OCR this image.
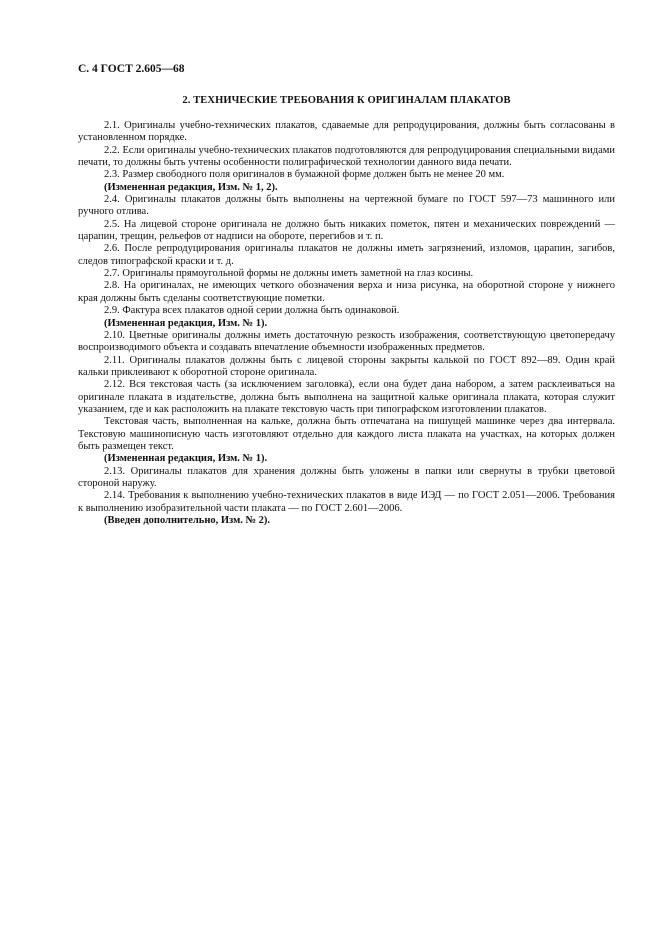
С. 4 ГОСТ 2.605—68
2. ТЕХНИЧЕСКИЕ ТРЕБОВАНИЯ К ОРИГИНАЛАМ ПЛАКАТОВ

2.1. Оригиналы учебно-технических плакатов, сдаваемые для репродуцирования, должны быть согласованы в установленном порядке.

2.2. Если оригиналы учебно-технических плакатов подготовляются для репродуцирования специальными видами печати, то должны быть учтены особенности полиграфической технологии данного вида печати.

2.3. Размер свободного поля оригиналов в бумажной форме должен быть не менее 20 мм.

(Измененная редакция, Изм. № 1, 2).

2.4. Оригиналы плакатов должны быть выполнены на чертежной бумаге по ГОСТ 597—73 машинного или ручного отлива.

2.5. На лицевой стороне оригинала не должно быть никаких пометок, пятен и механических повреждений — царапин, трещин, рельефов от надписи на обороте, перегибов и т. п.

2.6. После репродуцирования оригиналы плакатов не должны иметь загрязнений, изломов, царапин, загибов, следов типографской краски и т. д.

2.7. Оригиналы прямоугольной формы не должны иметь заметной на глаз косины.

2.8. На оригиналах, не имеющих четкого обозначения верха и низа рисунка, на оборотной стороне у нижнего края должны быть сделаны соответствующие пометки.

2.9. Фактура всех плакатов одной серии должна быть одинаковой.

(Измененная редакция, Изм. № 1).

2.10. Цветные оригиналы должны иметь достаточную резкость изображения, соответствующую цветопередачу воспроизводимого объекта и создавать впечатление объемности изображенных предметов.

2.11. Оригиналы плакатов должны быть с лицевой стороны закрыты калькой по ГОСТ 892—89. Один край кальки приклеивают к оборотной стороне оригинала.

2.12. Вся текстовая часть (за исключением заголовка), если она будет дана набором, а затем расклеиваться на оригинале плаката в издательстве, должна быть выполнена на защитной кальке оригинала плаката, которая служит указанием, где и как расположить на плакате текстовую часть при типографском изготовлении плакатов.

Текстовая часть, выполненная на кальке, должна быть отпечатана на пишущей машинке через два интервала. Текстовую машинописную часть изготовляют отдельно для каждого листа плаката на участках, на которых должен быть размещен текст.

(Измененная редакция, Изм. № 1).

2.13. Оригиналы плакатов для хранения должны быть уложены в папки или свернуты в трубки цветовой стороной наружу.

2.14. Требования к выполнению учебно-технических плакатов в виде ИЭД — по ГОСТ 2.051—2006. Требования к выполнению изобразительной части плаката — по ГОСТ 2.601—2006.

(Введен дополнительно, Изм. № 2).
